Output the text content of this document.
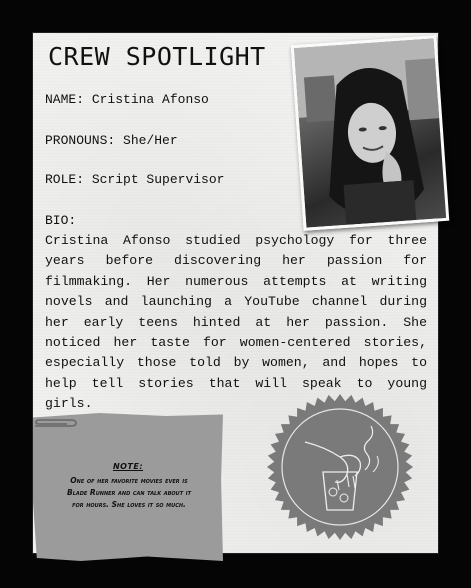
CREW SPOTLIGHT
NAME: Cristina Afonso
PRONOUNS: She/Her
ROLE: Script Supervisor
BIO:
Cristina Afonso studied psychology for three years before discovering her passion for filmmaking. Her numerous attempts at writing novels and launching a YouTube channel during her early teens hinted at her passion. She noticed her taste for women-centered stories, especially those told by women, and hopes to help tell stories that will speak to young girls.
NOTE:
One of her favorite movies ever is
Blade Runner and can talk about it
for hours. She loves it so much.
